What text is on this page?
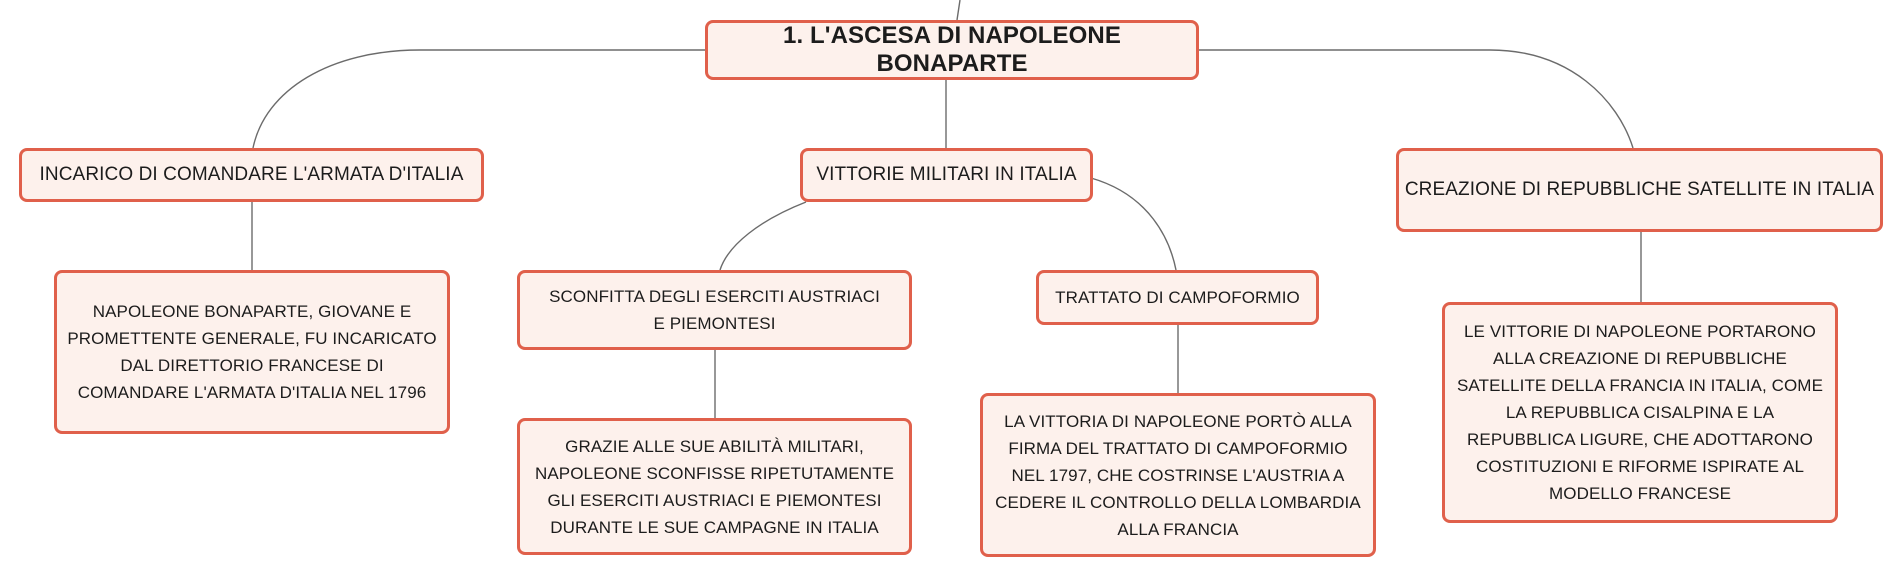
1. L'ASCESA DI NAPOLEONE BONAPARTE
INCARICO DI COMANDARE L'ARMATA D'ITALIA
NAPOLEONE BONAPARTE, GIOVANE E PROMETTENTE GENERALE, FU INCARICATO DAL DIRETTORIO FRANCESE DI COMANDARE L'ARMATA D'ITALIA NEL 1796
VITTORIE MILITARI IN ITALIA
SCONFITTA DEGLI ESERCITI AUSTRIACI E PIEMONTESI
GRAZIE ALLE SUE ABILITÀ MILITARI, NAPOLEONE SCONFISSE RIPETUTAMENTE GLI ESERCITI AUSTRIACI E PIEMONTESI DURANTE LE SUE CAMPAGNE IN ITALIA
TRATTATO DI CAMPOFORMIO
LA VITTORIA DI NAPOLEONE PORTÒ ALLA FIRMA DEL TRATTATO DI CAMPOFORMIO NEL 1797, CHE COSTRINSE L'AUSTRIA A CEDERE IL CONTROLLO DELLA LOMBARDIA ALLA FRANCIA
CREAZIONE DI REPUBBLICHE SATELLITE IN ITALIA
LE VITTORIE DI NAPOLEONE PORTARONO ALLA CREAZIONE DI REPUBBLICHE SATELLITE DELLA FRANCIA IN ITALIA, COME LA REPUBBLICA CISALPINA E LA REPUBBLICA LIGURE, CHE ADOTTARONO COSTITUZIONI E RIFORME ISPIRATE AL MODELLO FRANCESE
